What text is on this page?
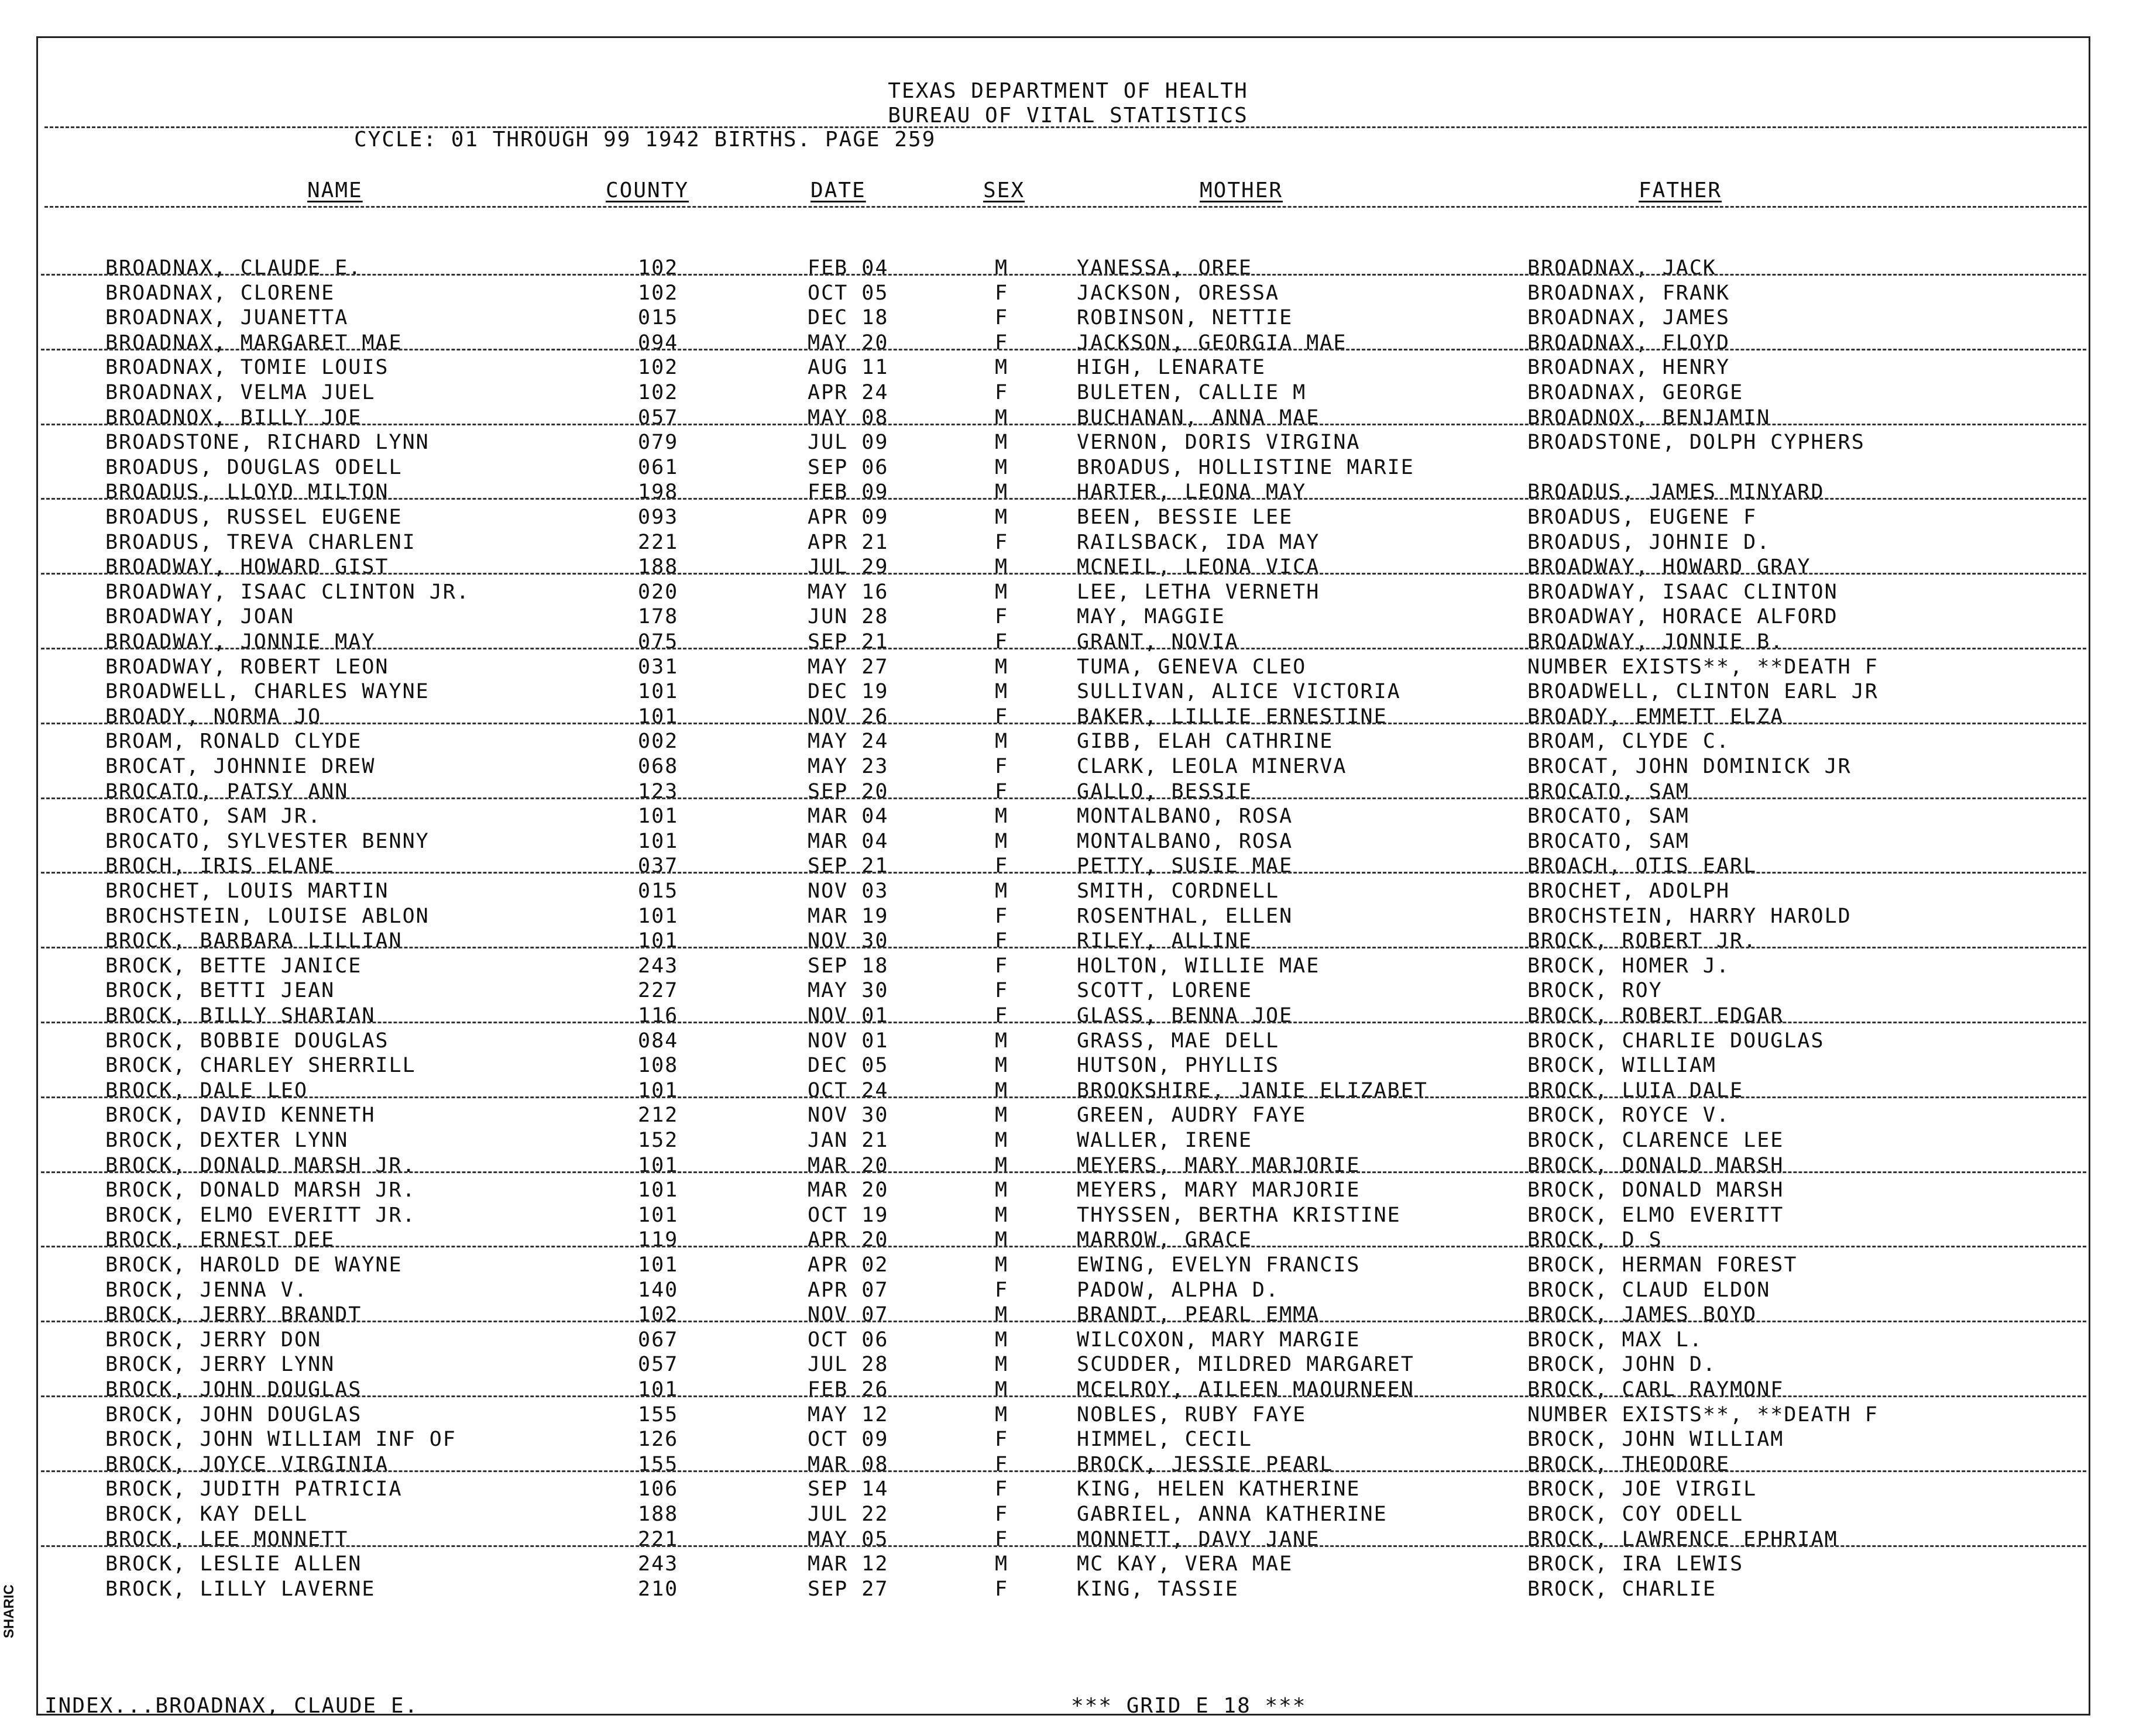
TEXAS DEPARTMENT OF HEALTH
BUREAU OF VITAL STATISTICS
CYCLE: 01 THROUGH 99 1942 BIRTHS. PAGE 259
NAME	COUNTY	DATE	SEX	MOTHER	FATHER
BROADNAX, CLAUDE E.	102	FEB 04	M	YANESSA, OREE	BROADNAX, JACK
BROADNAX, CLORENE	102	OCT 05	F	JACKSON, ORESSA	BROADNAX, FRANK
BROADNAX, JUANETTA	015	DEC 18	F	ROBINSON, NETTIE	BROADNAX, JAMES
BROADNAX, MARGARET MAE	094	MAY 20	F	JACKSON, GEORGIA MAE	BROADNAX, FLOYD
BROADNAX, TOMIE LOUIS	102	AUG 11	M	HIGH, LENARATE	BROADNAX, HENRY
BROADNAX, VELMA JUEL	102	APR 24	F	BULETEN, CALLIE M	BROADNAX, GEORGE
BROADNOX, BILLY JOE	057	MAY 08	M	BUCHANAN, ANNA MAE	BROADNOX, BENJAMIN
BROADSTONE, RICHARD LYNN	079	JUL 09	M	VERNON, DORIS VIRGINA	BROADSTONE, DOLPH CYPHERS
BROADUS, DOUGLAS ODELL	061	SEP 06	M	BROADUS, HOLLISTINE MARIE
BROADUS, LLOYD MILTON	198	FEB 09	M	HARTER, LEONA MAY	BROADUS, JAMES MINYARD
BROADUS, RUSSEL EUGENE	093	APR 09	M	BEEN, BESSIE LEE	BROADUS, EUGENE F
BROADUS, TREVA CHARLENI	221	APR 21	F	RAILSBACK, IDA MAY	BROADUS, JOHNIE D.
BROADWAY, HOWARD GIST	188	JUL 29	M	MCNEIL, LEONA VICA	BROADWAY, HOWARD GRAY
BROADWAY, ISAAC CLINTON JR.	020	MAY 16	M	LEE, LETHA VERNETH	BROADWAY, ISAAC CLINTON
BROADWAY, JOAN	178	JUN 28	F	MAY, MAGGIE	BROADWAY, HORACE ALFORD
BROADWAY, JONNIE MAY	075	SEP 21	F	GRANT, NOVIA	BROADWAY, JONNIE B.
BROADWAY, ROBERT LEON	031	MAY 27	M	TUMA, GENEVA CLEO	NUMBER EXISTS**, **DEATH F
BROADWELL, CHARLES WAYNE	101	DEC 19	M	SULLIVAN, ALICE VICTORIA	BROADWELL, CLINTON EARL JR
BROADY, NORMA JO	101	NOV 26	F	BAKER, LILLIE ERNESTINE	BROADY, EMMETT ELZA
BROAM, RONALD CLYDE	002	MAY 24	M	GIBB, ELAH CATHRINE	BROAM, CLYDE C.
BROCAT, JOHNNIE DREW	068	MAY 23	F	CLARK, LEOLA MINERVA	BROCAT, JOHN DOMINICK JR
BROCATO, PATSY ANN	123	SEP 20	F	GALLO, BESSIE	BROCATO, SAM
BROCATO, SAM JR.	101	MAR 04	M	MONTALBANO, ROSA	BROCATO, SAM
BROCATO, SYLVESTER BENNY	101	MAR 04	M	MONTALBANO, ROSA	BROCATO, SAM
BROCH, IRIS ELANE	037	SEP 21	F	PETTY, SUSIE MAE	BROACH, OTIS EARL
BROCHET, LOUIS MARTIN	015	NOV 03	M	SMITH, CORDNELL	BROCHET, ADOLPH
BROCHSTEIN, LOUISE ABLON	101	MAR 19	F	ROSENTHAL, ELLEN	BROCHSTEIN, HARRY HAROLD
BROCK, BARBARA LILLIAN	101	NOV 30	F	RILEY, ALLINE	BROCK, ROBERT JR.
BROCK, BETTE JANICE	243	SEP 18	F	HOLTON, WILLIE MAE	BROCK, HOMER J.
BROCK, BETTI JEAN	227	MAY 30	F	SCOTT, LORENE	BROCK, ROY
BROCK, BILLY SHARIAN	116	NOV 01	F	GLASS, BENNA JOE	BROCK, ROBERT EDGAR
BROCK, BOBBIE DOUGLAS	084	NOV 01	M	GRASS, MAE DELL	BROCK, CHARLIE DOUGLAS
BROCK, CHARLEY SHERRILL	108	DEC 05	M	HUTSON, PHYLLIS	BROCK, WILLIAM
BROCK, DALE LEO	101	OCT 24	M	BROOKSHIRE, JANIE ELIZABET	BROCK, LUIA DALE
BROCK, DAVID KENNETH	212	NOV 30	M	GREEN, AUDRY FAYE	BROCK, ROYCE V.
BROCK, DEXTER LYNN	152	JAN 21	M	WALLER, IRENE	BROCK, CLARENCE LEE
BROCK, DONALD MARSH JR.	101	MAR 20	M	MEYERS, MARY MARJORIE	BROCK, DONALD MARSH
BROCK, DONALD MARSH JR.	101	MAR 20	M	MEYERS, MARY MARJORIE	BROCK, DONALD MARSH
BROCK, ELMO EVERITT JR.	101	OCT 19	M	THYSSEN, BERTHA KRISTINE	BROCK, ELMO EVERITT
BROCK, ERNEST DEE	119	APR 20	M	MARROW, GRACE	BROCK, D S
BROCK, HAROLD DE WAYNE	101	APR 02	M	EWING, EVELYN FRANCIS	BROCK, HERMAN FOREST
BROCK, JENNA V.	140	APR 07	F	PADOW, ALPHA D.	BROCK, CLAUD ELDON
BROCK, JERRY BRANDT	102	NOV 07	M	BRANDT, PEARL EMMA	BROCK, JAMES BOYD
BROCK, JERRY DON	067	OCT 06	M	WILCOXON, MARY MARGIE	BROCK, MAX L.
BROCK, JERRY LYNN	057	JUL 28	M	SCUDDER, MILDRED MARGARET	BROCK, JOHN D.
BROCK, JOHN DOUGLAS	101	FEB 26	M	MCELROY, AILEEN MAOURNEEN	BROCK, CARL RAYMONF
BROCK, JOHN DOUGLAS	155	MAY 12	M	NOBLES, RUBY FAYE	NUMBER EXISTS**, **DEATH F
BROCK, JOHN WILLIAM INF OF	126	OCT 09	F	HIMMEL, CECIL	BROCK, JOHN WILLIAM
BROCK, JOYCE VIRGINIA	155	MAR 08	F	BROCK, JESSIE PEARL	BROCK, THEODORE
BROCK, JUDITH PATRICIA	106	SEP 14	F	KING, HELEN KATHERINE	BROCK, JOE VIRGIL
BROCK, KAY DELL	188	JUL 22	F	GABRIEL, ANNA KATHERINE	BROCK, COY ODELL
BROCK, LEE MONNETT	221	MAY 05	F	MONNETT, DAVY JANE	BROCK, LAWRENCE EPHRIAM
BROCK, LESLIE ALLEN	243	MAR 12	M	MC KAY, VERA MAE	BROCK, IRA LEWIS
BROCK, LILLY LAVERNE	210	SEP 27	F	KING, TASSIE	BROCK, CHARLIE
INDEX...BROADNAX, CLAUDE E.	*** GRID E 18 ***
SHARIC
